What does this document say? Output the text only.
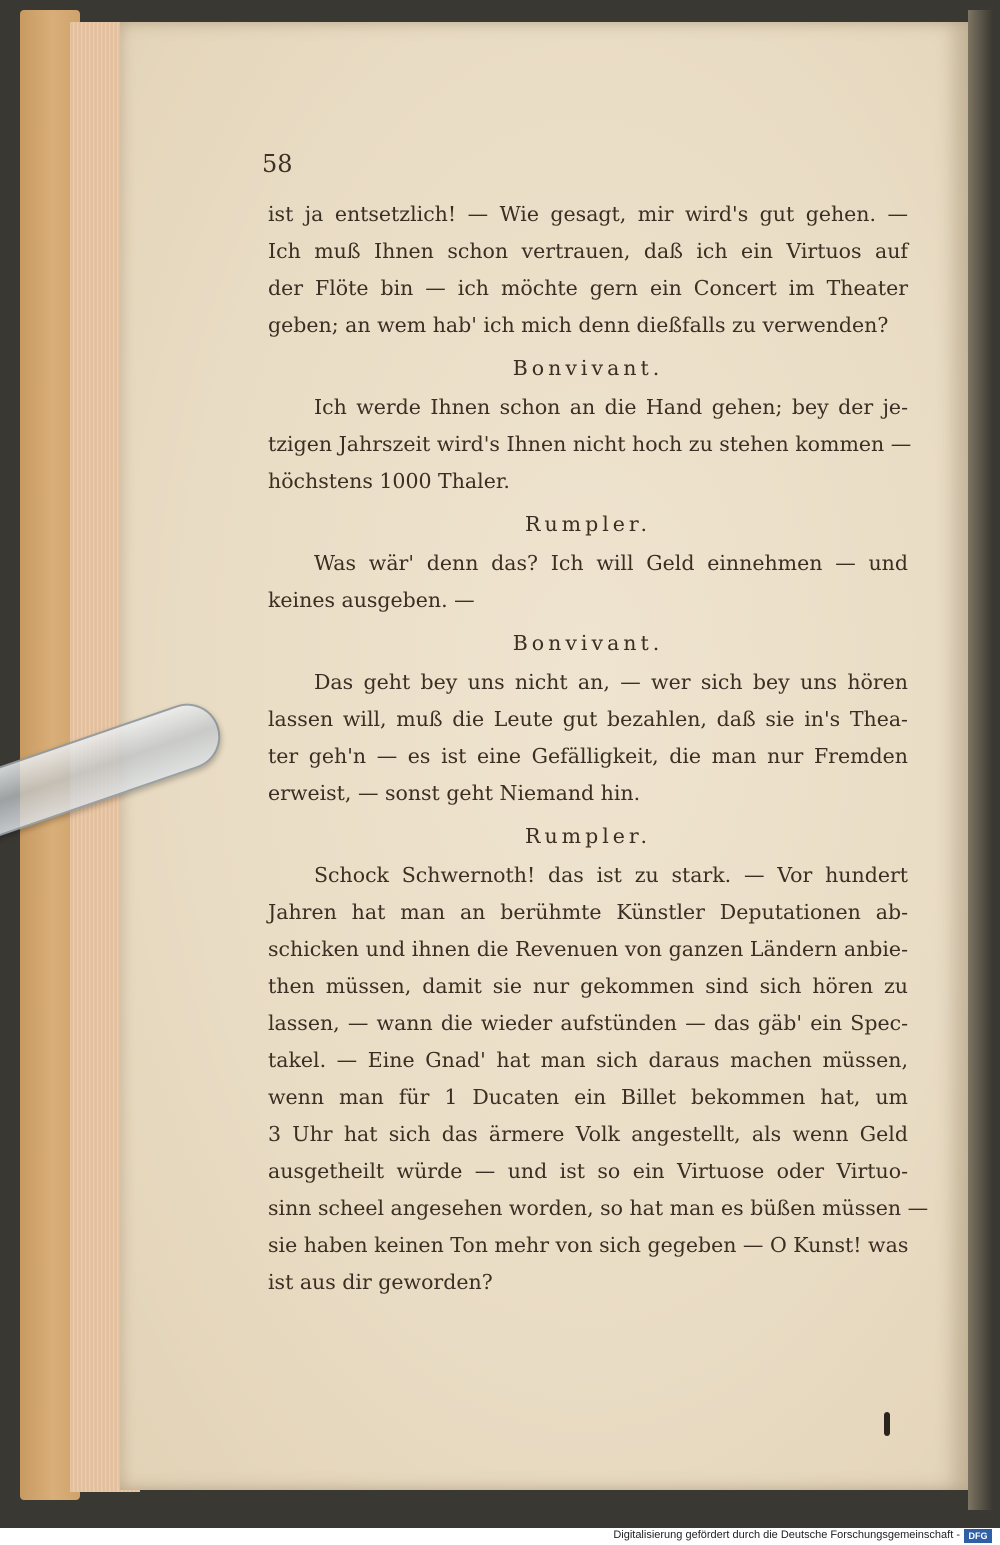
58
ist ja entsetzlich! — Wie gesagt, mir wird's gut gehen. —
Ich muß Ihnen schon vertrauen, daß ich ein Virtuos auf
der Flöte bin — ich möchte gern ein Concert im Theater
geben; an wem hab' ich mich denn dießfalls zu verwenden?
Bonvivant.
Ich werde Ihnen schon an die Hand gehen; bey der je-
tzigen Jahrszeit wird's Ihnen nicht hoch zu stehen kommen —
höchstens 1000 Thaler.
Rumpler.
Was wär' denn das? Ich will Geld einnehmen — und
keines ausgeben. —
Bonvivant.
Das geht bey uns nicht an, — wer sich bey uns hören
lassen will, muß die Leute gut bezahlen, daß sie in's Thea-
ter geh'n — es ist eine Gefälligkeit, die man nur Fremden
erweist, — sonst geht Niemand hin.
Rumpler.
Schock Schwernoth! das ist zu stark. — Vor hundert
Jahren hat man an berühmte Künstler Deputationen ab-
schicken und ihnen die Revenuen von ganzen Ländern anbie-
then müssen, damit sie nur gekommen sind sich hören zu
lassen, — wann die wieder aufstünden — das gäb' ein Spec-
takel. — Eine Gnad' hat man sich daraus machen müssen,
wenn man für 1 Ducaten ein Billet bekommen hat, um
3 Uhr hat sich das ärmere Volk angestellt, als wenn Geld
ausgetheilt würde — und ist so ein Virtuose oder Virtuo-
sinn scheel angesehen worden, so hat man es büßen müssen —
sie haben keinen Ton mehr von sich gegeben — O Kunst! was
ist aus dir geworden?
Digitalisierung gefördert durch die Deutsche Forschungsgemeinschaft - DFG
